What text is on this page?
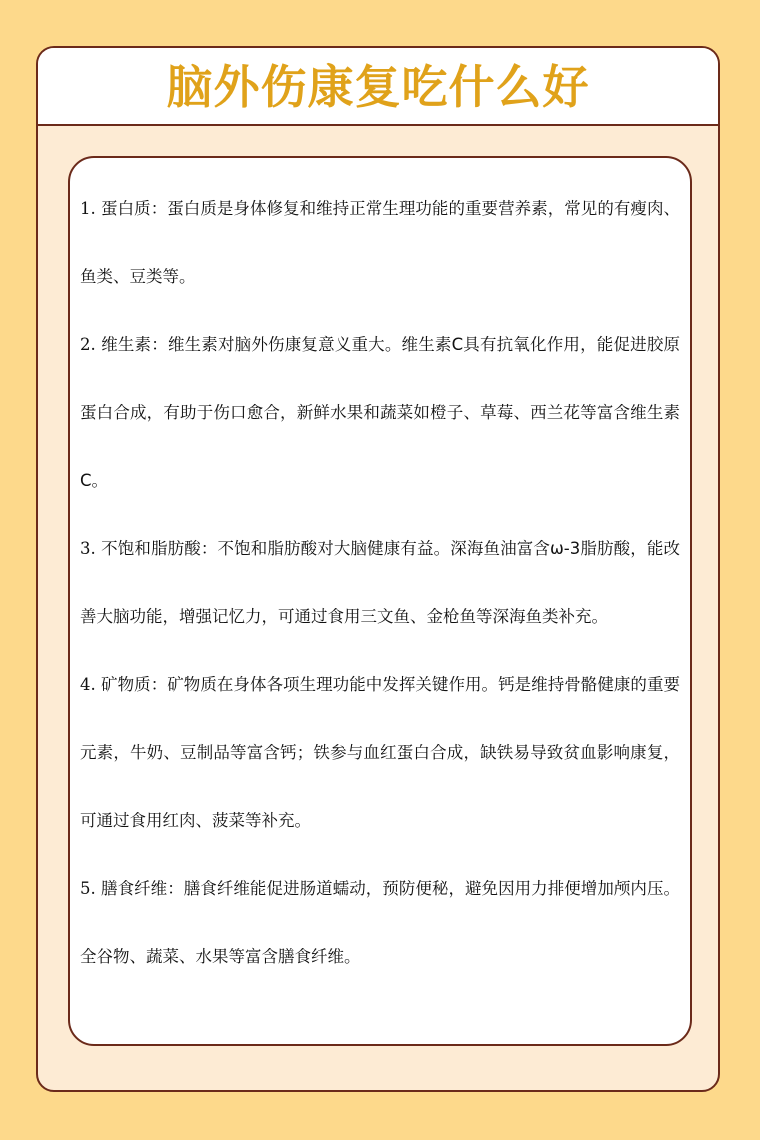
脑外伤康复吃什么好

1. 蛋白质：蛋白质是身体修复和维持正常生理功能的重要营养素，常见的有瘦肉、鱼类、豆类等。

2. 维生素：维生素对脑外伤康复意义重大。维生素C具有抗氧化作用，能促进胶原蛋白合成，有助于伤口愈合，新鲜水果和蔬菜如橙子、草莓、西兰花等富含维生素C。

3. 不饱和脂肪酸：不饱和脂肪酸对大脑健康有益。深海鱼油富含ω-3脂肪酸，能改善大脑功能，增强记忆力，可通过食用三文鱼、金枪鱼等深海鱼类补充。

4. 矿物质：矿物质在身体各项生理功能中发挥关键作用。钙是维持骨骼健康的重要元素，牛奶、豆制品等富含钙；铁参与血红蛋白合成，缺铁易导致贫血影响康复，可通过食用红肉、菠菜等补充。

5. 膳食纤维：膳食纤维能促进肠道蠕动，预防便秘，避免因用力排便增加颅内压。全谷物、蔬菜、水果等富含膳食纤维。
